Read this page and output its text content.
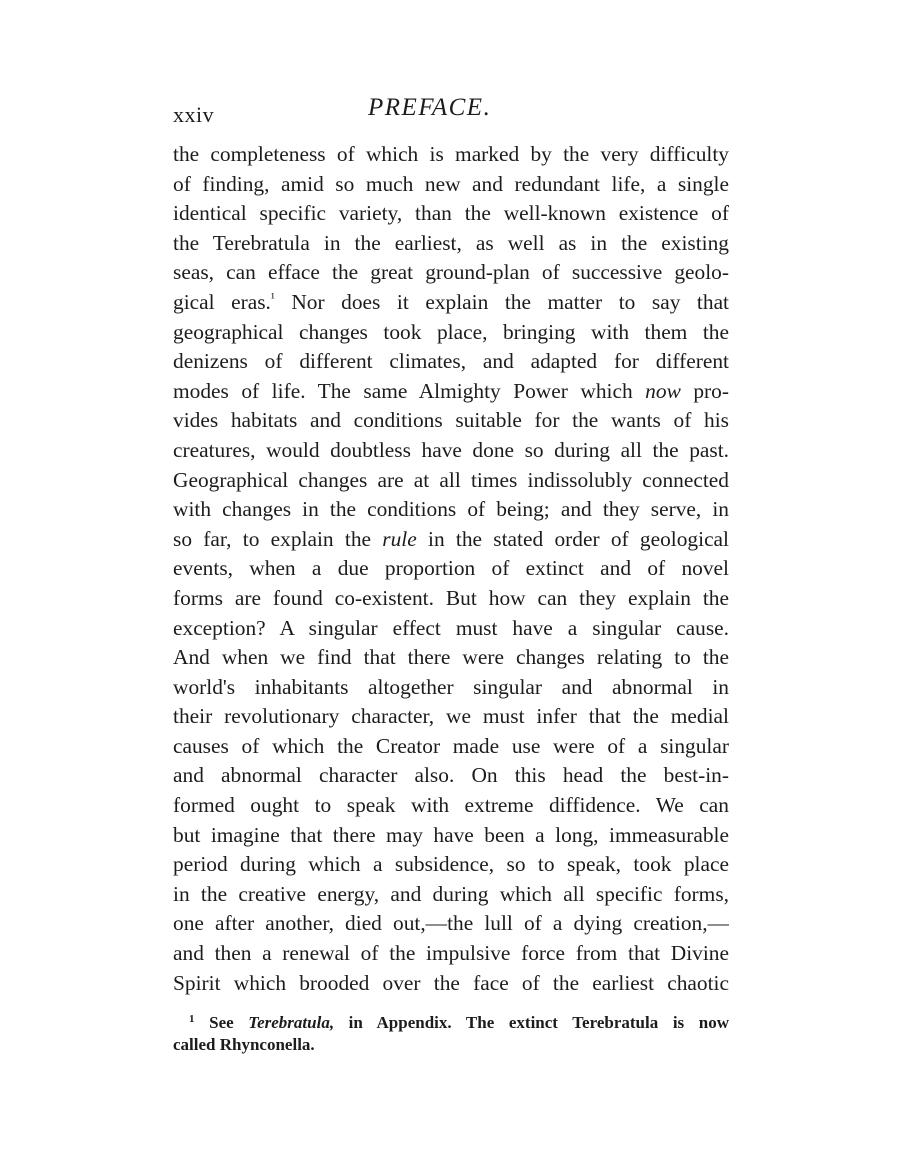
xxiv	PREFACE.
the completeness of which is marked by the very difficulty
of finding, amid so much new and redundant life, a single
identical specific variety, than the well-known existence of
the Terebratula in the earliest, as well as in the existing
seas, can efface the great ground-plan of successive geolo-
gical eras.$^{^1}$ Nor does it explain the matter to say that
geographical changes took place, bringing with them the
denizens of different climates, and adapted for different
modes of life. The same Almighty Power which now pro-
vides habitats and conditions suitable for the wants of his
creatures, would doubtless have done so during all the past.
Geographical changes are at all times indissolubly connected
with changes in the conditions of being; and they serve, in
so far, to explain the rule in the stated order of geological
events, when a due proportion of extinct and of novel
forms are found co-existent. But how can they explain the
exception? A singular effect must have a singular cause.
And when we find that there were changes relating to the
world's inhabitants altogether singular and abnormal in
their revolutionary character, we must infer that the medial
causes of which the Creator made use were of a singular
and abnormal character also. On this head the best-in-
formed ought to speak with extreme diffidence. We can
but imagine that there may have been a long, immeasurable
period during which a subsidence, so to speak, took place
in the creative energy, and during which all specific forms,
one after another, died out,—the lull of a dying creation,—
and then a renewal of the impulsive force from that Divine
Spirit which brooded over the face of the earliest chaotic
$^1$ See Terebratula, in Appendix. The extinct Terebratula is now
called Rhynconella.
